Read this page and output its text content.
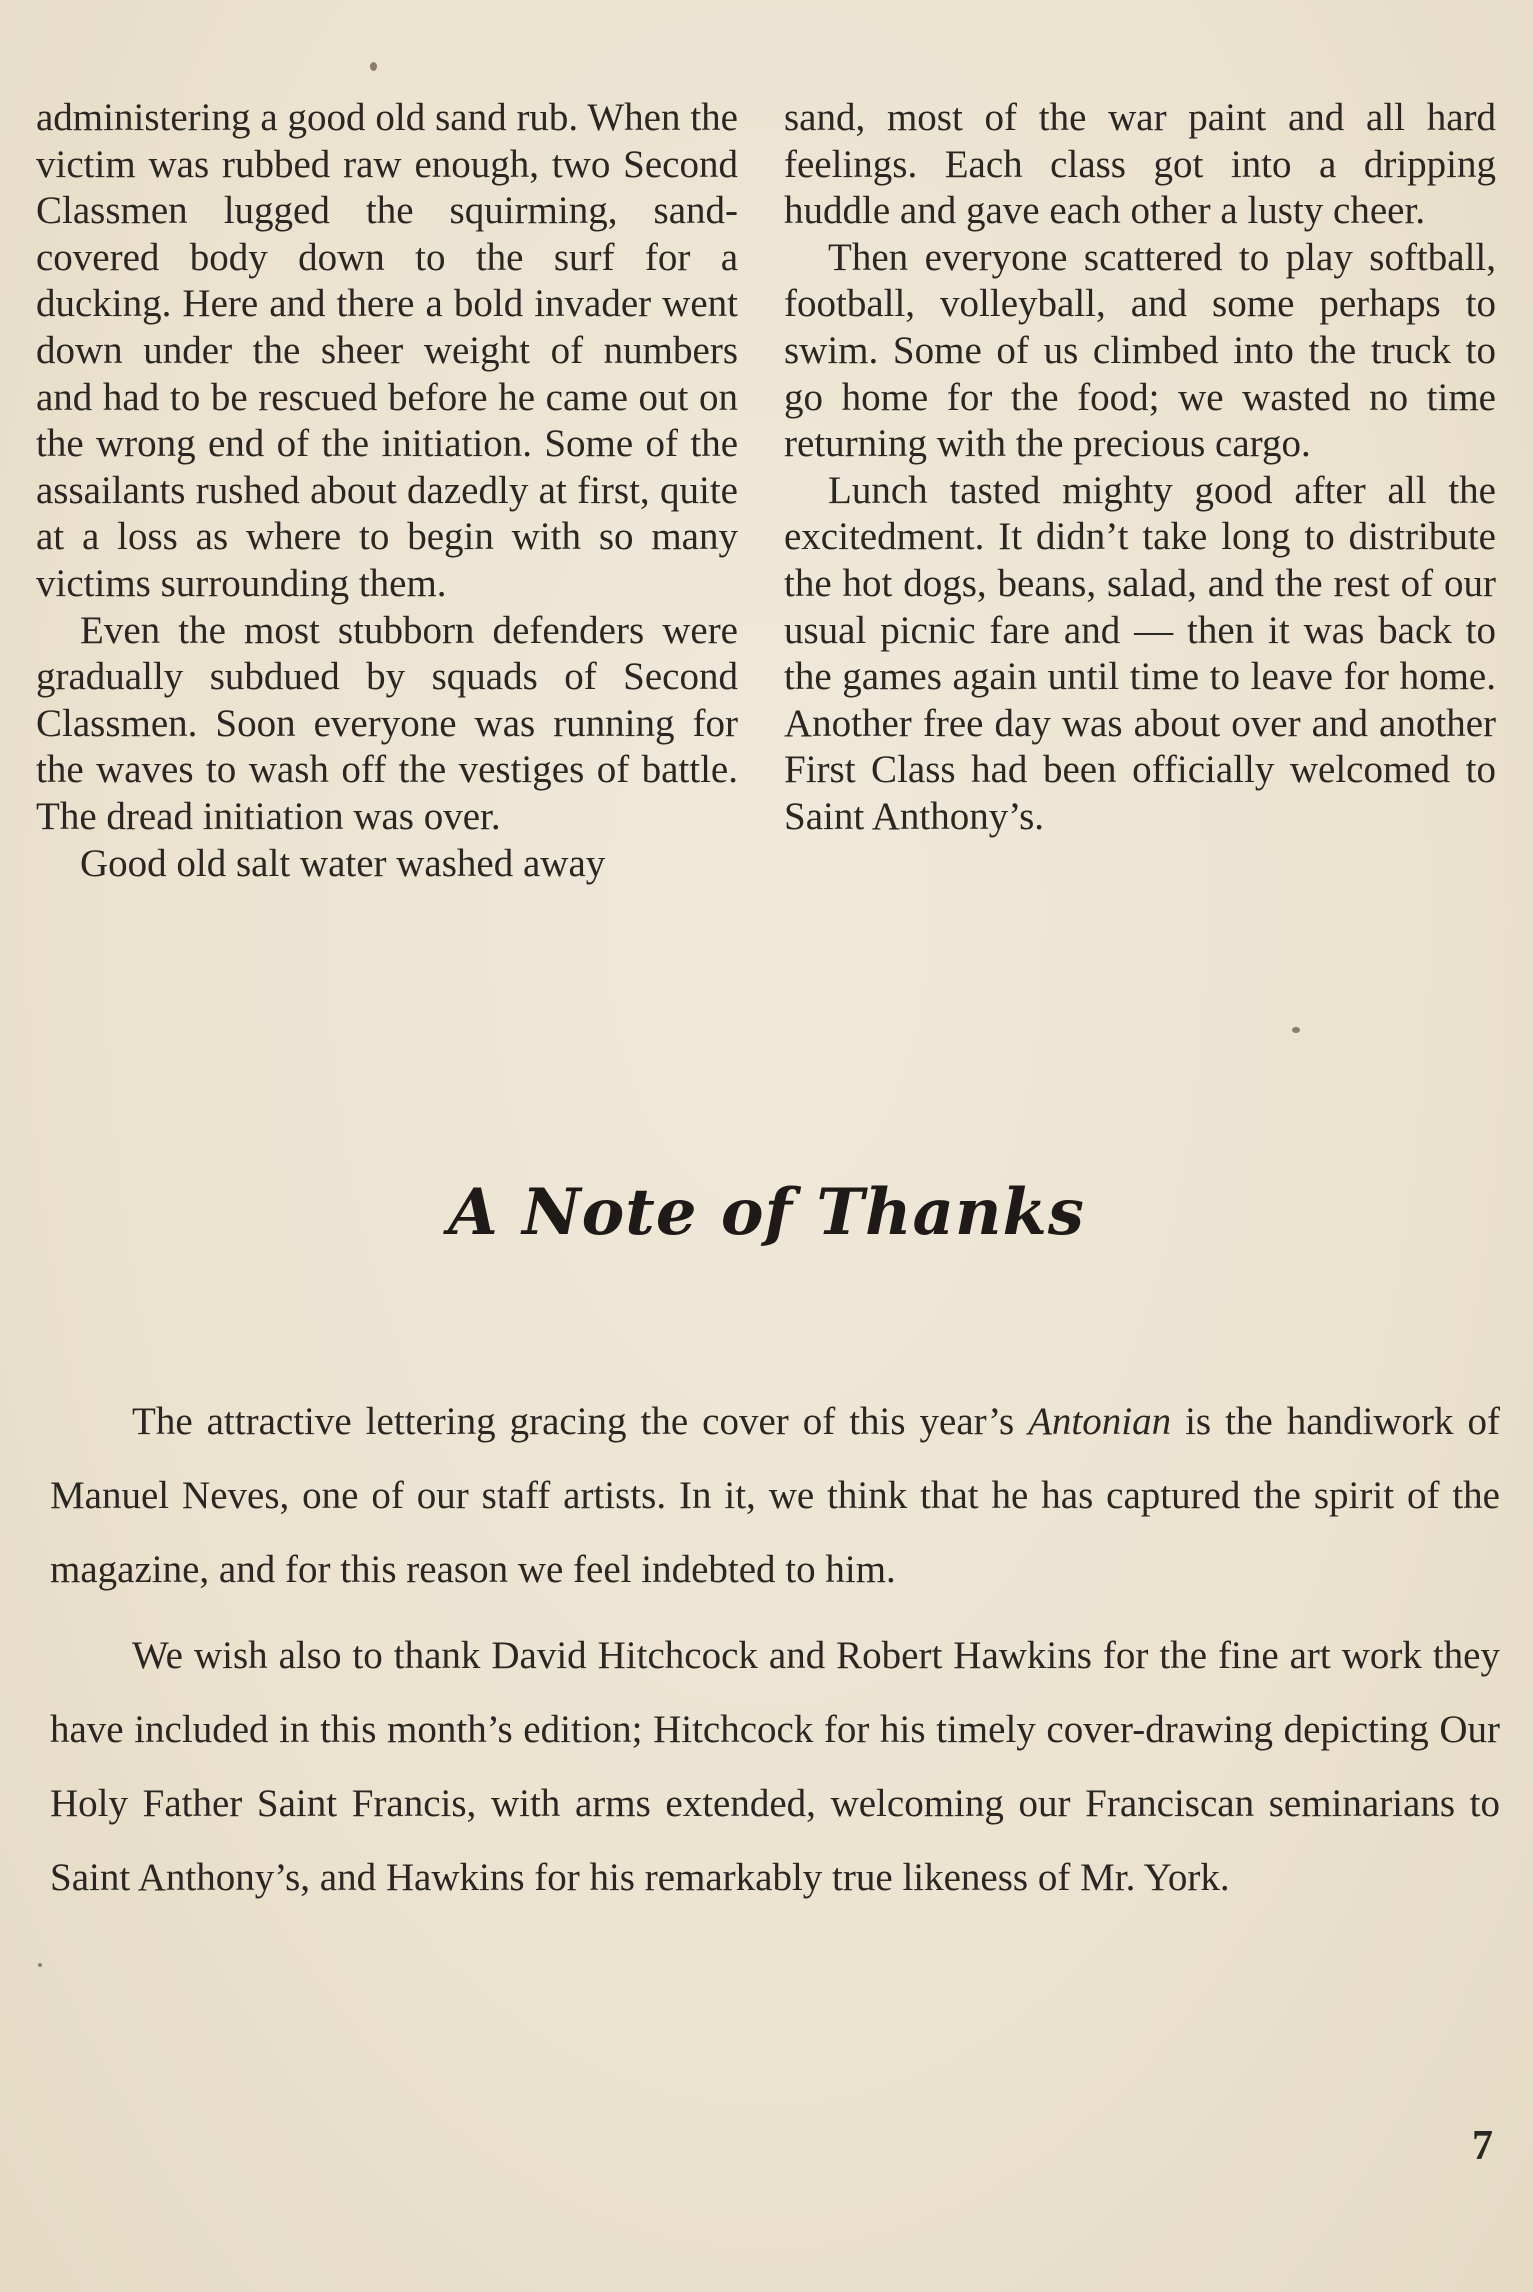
administering a good old sand rub. When the victim was rubbed raw enough, two Second Classmen lugged the squirming, sand-covered body down to the surf for a ducking. Here and there a bold invader went down under the sheer weight of numbers and had to be rescued before he came out on the wrong end of the initiation. Some of the assailants rushed about dazedly at first, quite at a loss as where to begin with so many victims surrounding them.

Even the most stubborn defenders were gradually subdued by squads of Second Classmen. Soon everyone was running for the waves to wash off the vestiges of battle. The dread initiation was over.

Good old salt water washed away

sand, most of the war paint and all hard feelings. Each class got into a dripping huddle and gave each other a lusty cheer.

Then everyone scattered to play softball, football, volleyball, and some perhaps to swim. Some of us climbed into the truck to go home for the food; we wasted no time returning with the precious cargo.

Lunch tasted mighty good after all the excitedment. It didn’t take long to distribute the hot dogs, beans, salad, and the rest of our usual picnic fare and — then it was back to the games again until time to leave for home. Another free day was about over and another First Class had been officially welcomed to Saint Anthony’s.

A Note of Thanks

The attractive lettering gracing the cover of this year’s Antonian is the handiwork of Manuel Neves, one of our staff artists. In it, we think that he has captured the spirit of the magazine, and for this reason we feel indebted to him.

We wish also to thank David Hitchcock and Robert Hawkins for the fine art work they have included in this month’s edition; Hitchcock for his timely cover-drawing depicting Our Holy Father Saint Francis, with arms extended, welcoming our Franciscan seminarians to Saint Anthony’s, and Hawkins for his remarkably true likeness of Mr. York.

7
